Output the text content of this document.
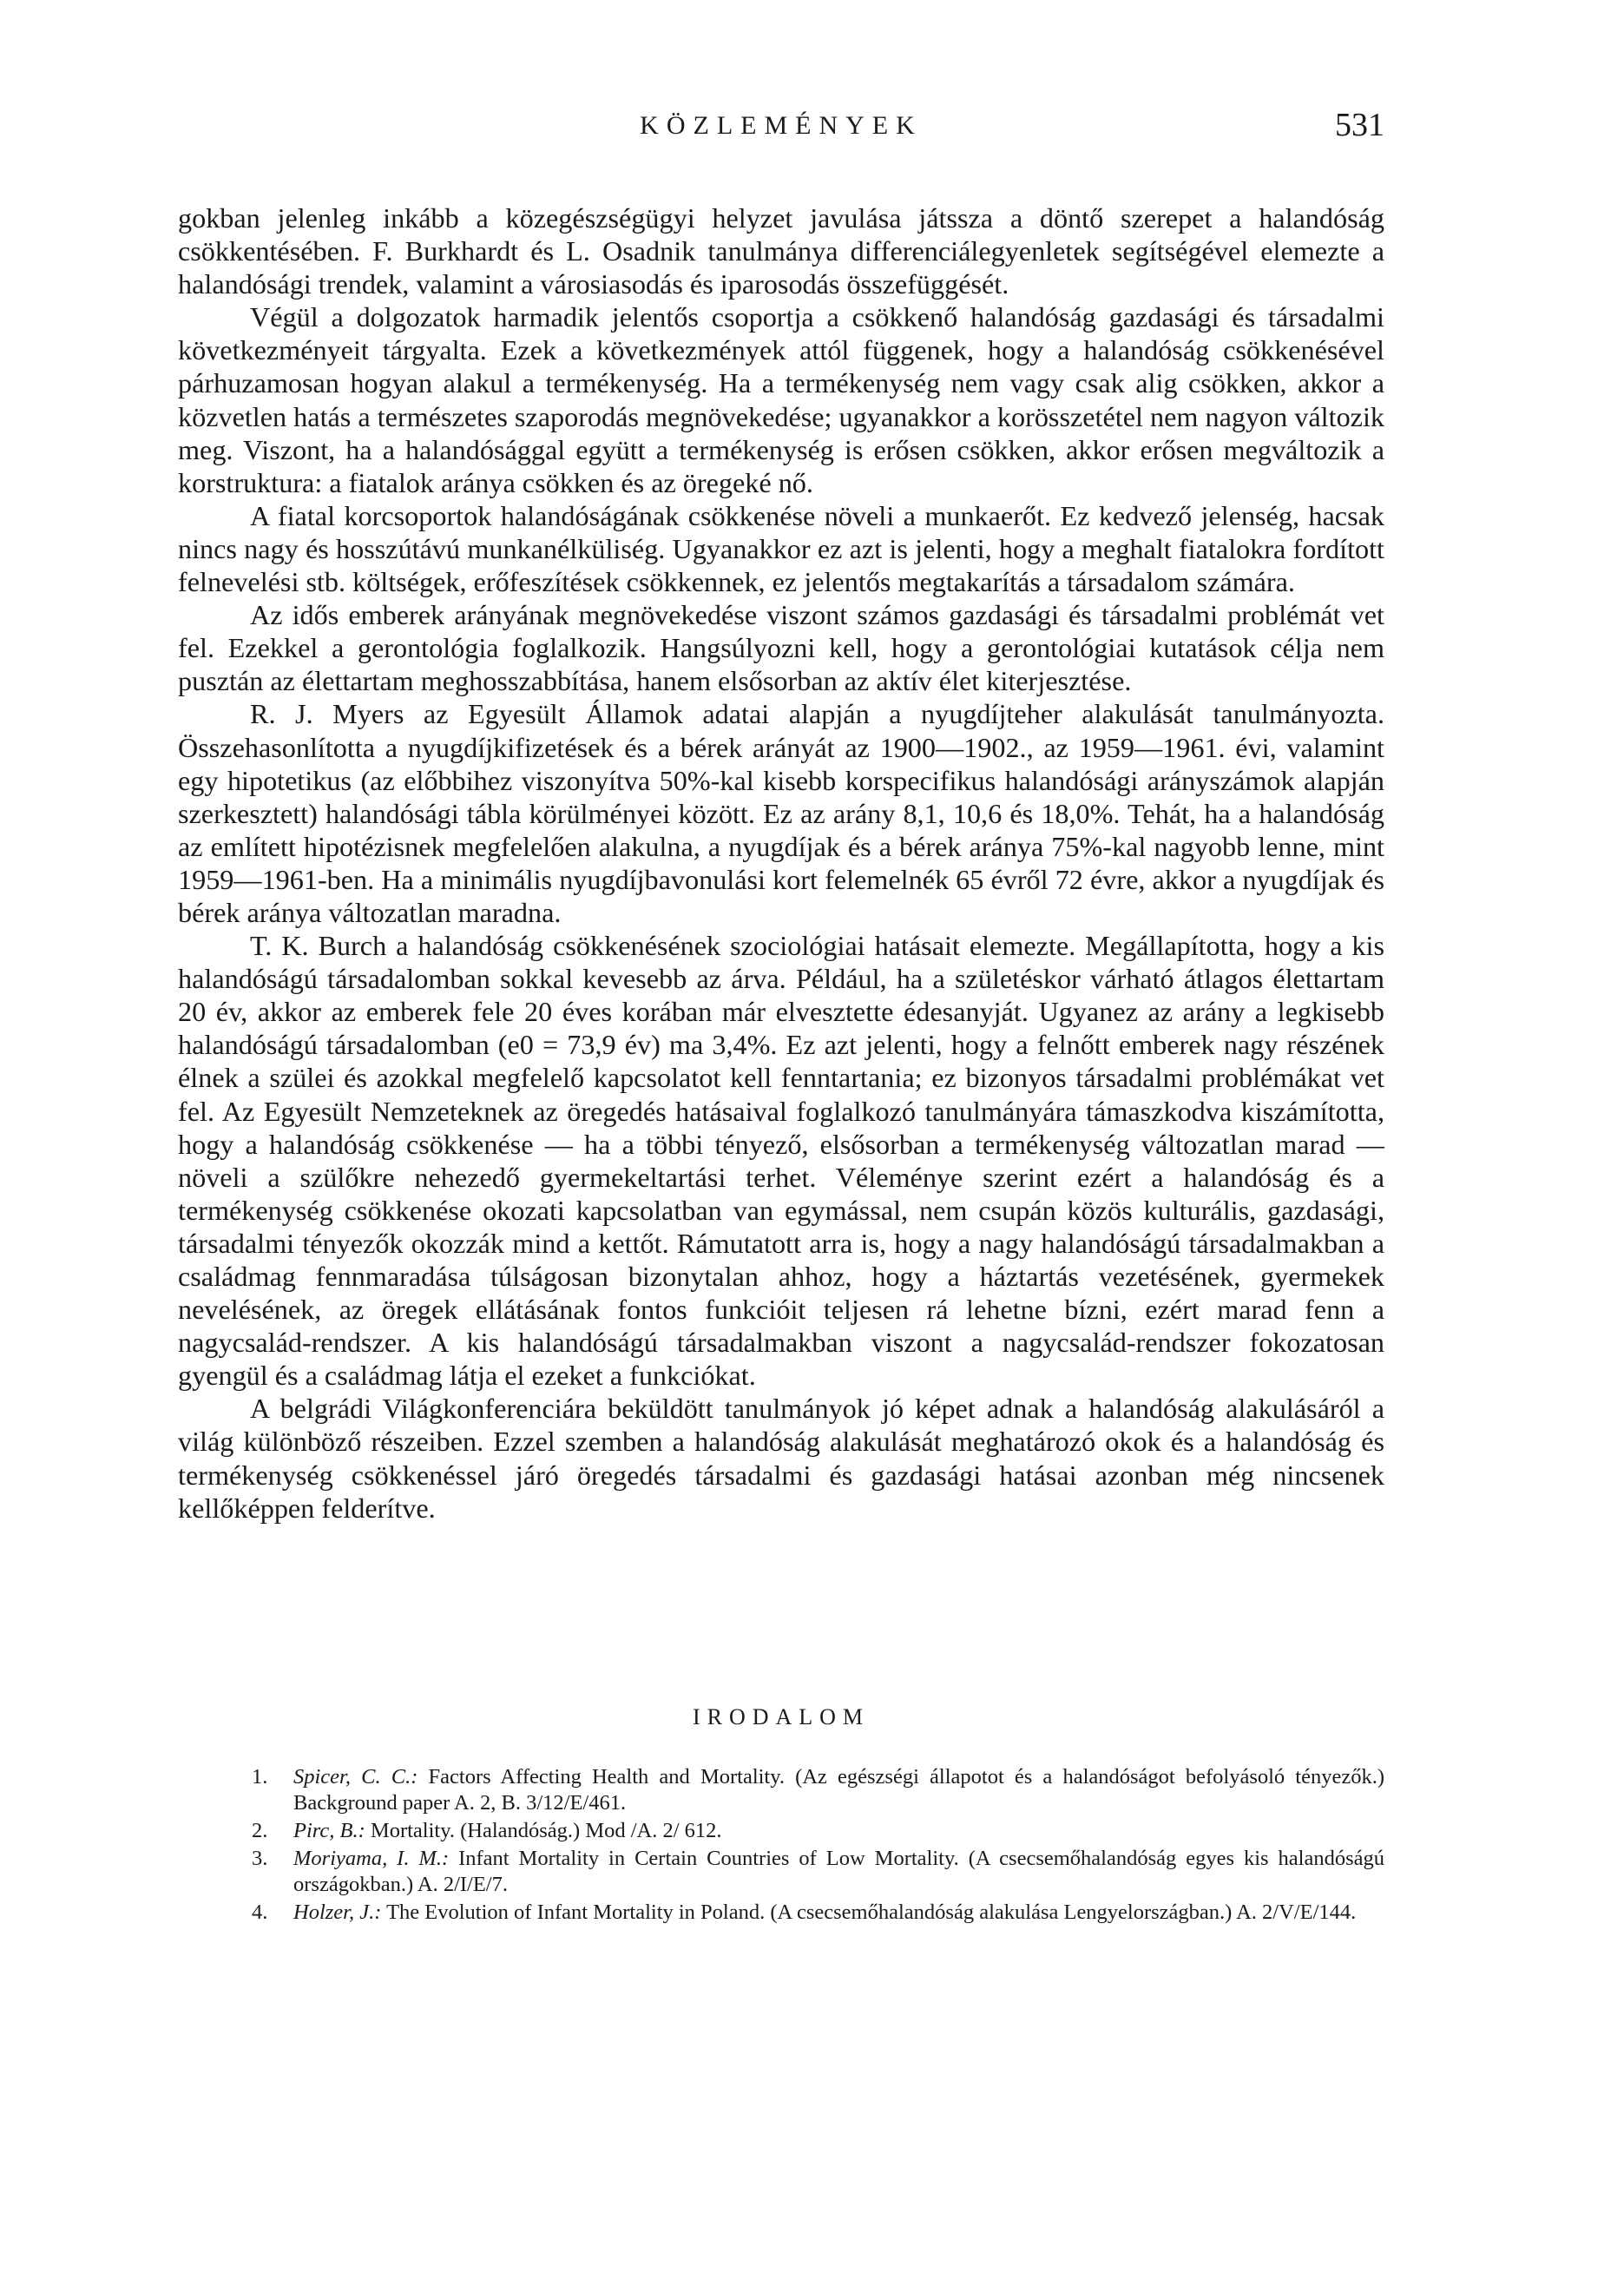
KÖZLEMÉNYEK	531

gokban jelenleg inkább a közegészségügyi helyzet javulása játssza a döntő szerepet a halandóság csökkentésében. F. Burkhardt és L. Osadnik tanulmánya differenciálegyenletek segítségével elemezte a halandósági trendek, valamint a városiasodás és iparosodás összefüggését.

Végül a dolgozatok harmadik jelentős csoportja a csökkenő halandóság gazdasági és társadalmi következményeit tárgyalta. Ezek a következmények attól függenek, hogy a halandóság csökkenésével párhuzamosan hogyan alakul a termékenység. Ha a termékenység nem vagy csak alig csökken, akkor a közvetlen hatás a természetes szaporodás megnövekedése; ugyanakkor a korösszetétel nem nagyon változik meg. Viszont, ha a halandósággal együtt a termékenység is erősen csökken, akkor erősen megváltozik a korstruktura: a fiatalok aránya csökken és az öregeké nő.

A fiatal korcsoportok halandóságának csökkenése növeli a munkaerőt. Ez kedvező jelenség, hacsak nincs nagy és hosszútávú munkanélküliség. Ugyanakkor ez azt is jelenti, hogy a meghalt fiatalokra fordított felnevelési stb. költségek, erőfeszítések csökkennek, ez jelentős megtakarítás a társadalom számára.

Az idős emberek arányának megnövekedése viszont számos gazdasági és társadalmi problémát vet fel. Ezekkel a gerontológia foglalkozik. Hangsúlyozni kell, hogy a gerontológiai kutatások célja nem pusztán az élettartam meghosszabbítása, hanem elsősorban az aktív élet kiterjesztése.

R. J. Myers az Egyesült Államok adatai alapján a nyugdíjteher alakulását tanulmányozta. Összehasonlította a nyugdíjkifizetések és a bérek arányát az 1900—1902., az 1959—1961. évi, valamint egy hipotetikus (az előbbihez viszonyítva 50%-kal kisebb korspecifikus halandósági arányszámok alapján szerkesztett) halandósági tábla körülményei között. Ez az arány 8,1, 10,6 és 18,0%. Tehát, ha a halandóság az említett hipotézisnek megfelelően alakulna, a nyugdíjak és a bérek aránya 75%-kal nagyobb lenne, mint 1959—1961-ben. Ha a minimális nyugdíjbavonulási kort felemelnék 65 évről 72 évre, akkor a nyugdíjak és bérek aránya változatlan maradna.

T. K. Burch a halandóság csökkenésének szociológiai hatásait elemezte. Megállapította, hogy a kis halandóságú társadalomban sokkal kevesebb az árva. Például, ha a születéskor várható átlagos élettartam 20 év, akkor az emberek fele 20 éves korában már elvesztette édesanyját. Ugyanez az arány a legkisebb halandóságú társadalomban (e0 = 73,9 év) ma 3,4%. Ez azt jelenti, hogy a felnőtt emberek nagy részének élnek a szülei és azokkal megfelelő kapcsolatot kell fenntartania; ez bizonyos társadalmi problémákat vet fel. Az Egyesült Nemzeteknek az öregedés hatásaival foglalkozó tanulmányára támaszkodva kiszámította, hogy a halandóság csökkenése — ha a többi tényező, elsősorban a termékenység változatlan marad — növeli a szülőkre nehezedő gyermekeltartási terhet. Véleménye szerint ezért a halandóság és a termékenység csökkenése okozati kapcsolatban van egymással, nem csupán közös kulturális, gazdasági, társadalmi tényezők okozzák mind a kettőt. Rámutatott arra is, hogy a nagy halandóságú társadalmakban a családmag fennmaradása túlságosan bizonytalan ahhoz, hogy a háztartás vezetésének, gyermekek nevelésének, az öregek ellátásának fontos funkcióit teljesen rá lehetne bízni, ezért marad fenn a nagycsalád-rendszer. A kis halandóságú társadalmakban viszont a nagycsalád-rendszer fokozatosan gyengül és a családmag látja el ezeket a funkciókat.

A belgrádi Világkonferenciára beküldött tanulmányok jó képet adnak a halandóság alakulásáról a világ különböző részeiben. Ezzel szemben a halandóság alakulását meghatározó okok és a halandóság és termékenység csökkenéssel járó öregedés társadalmi és gazdasági hatásai azonban még nincsenek kellőképpen felderítve.

IRODALOM
1. Spicer, C. C.: Factors Affecting Health and Mortality. (Az egészségi állapotot és a halandóságot befolyásoló tényezők.) Background paper A. 2, B. 3/12/E/461.
2. Pirc, B.: Mortality. (Halandóság.) Mod /A. 2/ 612.
3. Moriyama, I. M.: Infant Mortality in Certain Countries of Low Mortality. (A csecsemőhalandóság egyes kis halandóságú országokban.) A. 2/I/E/7.
4. Holzer, J.: The Evolution of Infant Mortality in Poland. (A csecsemőhalandóság alakulása Lengyelországban.) A. 2/V/E/144.
